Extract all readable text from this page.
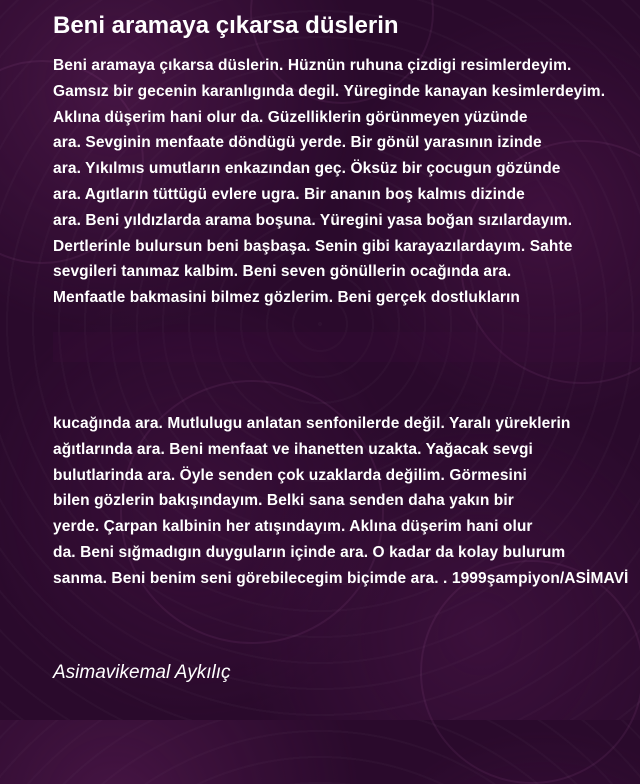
Beni aramaya çıkarsa düslerin
Beni aramaya çıkarsa düslerin. Hüznün ruhuna çizdigi resimlerdeyim.
Gamsız bir gecenin karanlıgında degil. Yüreginde kanayan kesimlerdeyim.
Aklına düşerim hani olur da. Güzelliklerin görünmeyen yüzünde
ara. Sevginin menfaate döndügü yerde. Bir gönül yarasının izinde
ara. Yıkılmıs umutların enkazından geç. Öksüz bir çocugun gözünde
ara. Agıtların tüttügü evlere ugra. Bir ananın boş kalmıs dizinde
ara. Beni yıldızlarda arama boşuna. Yüregini yasa boğan sızılardayım.
Dertlerinle bulursun beni başbaşa. Senin gibi karayazılardayım. Sahte
sevgileri tanımaz kalbim. Beni seven gönüllerin ocağında ara.
Menfaatle bakmasini bilmez gözlerim. Beni gerçek dostlukların
kucağında ara. Mutlulugu anlatan senfonilerde değil. Yaralı yüreklerin
ağıtlarında ara. Beni menfaat ve ihanetten uzakta. Yağacak sevgi
bulutlarinda ara. Öyle senden çok uzaklarda değilim. Görmesini
bilen gözlerin bakışındayım. Belki sana senden daha yakın bir
yerde. Çarpan kalbinin her atışındayım. Aklına düşerim hani olur
da. Beni sığmadıgın duyguların içinde ara. O kadar da kolay bulurum
sanma. Beni benim seni görebilecegim biçimde ara. . 1999şampiyon/ASİMAVİ
Asimavikemal Aykılıç
